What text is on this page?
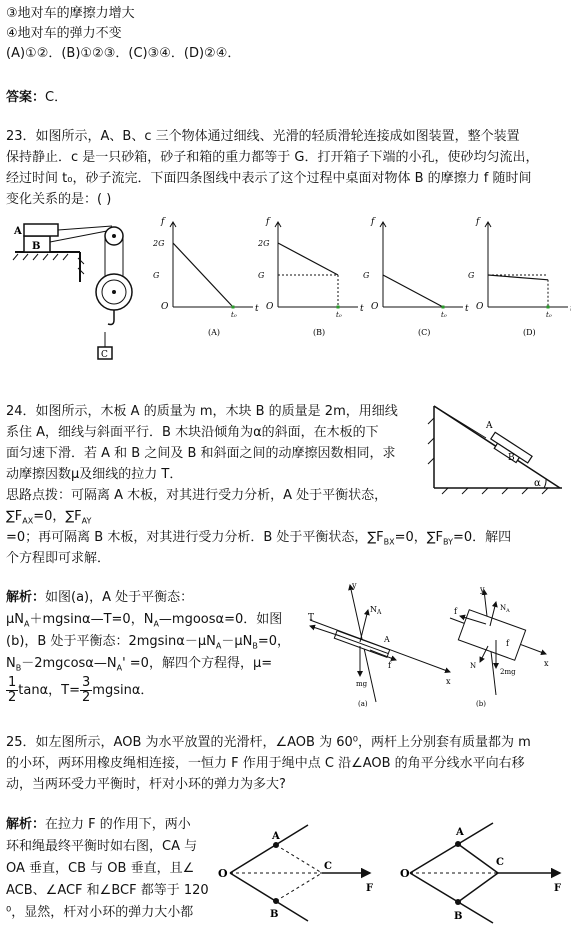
③地对车的摩擦力增大
④地对车的弹力不变
(A)①②．(B)①②③．(C)③④．(D)②④．
答案：C．
23．如图所示，A、B、c 三个物体通过细线、光滑的轻质滑轮连接成如图装置，整个装置
保持静止．c 是一只砂箱，砂子和箱的重力都等于 G．打开箱子下端的小孔，使砂均匀流出，
经过时间 t₀，砂子流完．下面四条图线中表示了这个过程中桌面对物体 B 的摩擦力 f 随时间
变化关系的是：( )
B
A
C
f
t
O
2G
G
t₀
(A)
f
t
O
2G
G
t₀
(B)
f
t
O
G
t₀
(C)
f
O
G
t₀
(D)
24．如图所示，木板 A 的质量为 m，木块 B 的质量是 2m，用细线
系住 A，细线与斜面平行．B 木块沿倾角为α的斜面，在木板的下
面匀速下滑．若 A 和 B 之间及 B 和斜面之间的动摩擦因数相同，求
动摩擦因数μ及细线的拉力 T．
思路点拨：可隔离 A 木板，对其进行受力分析，A 处于平衡状态，
$\sum F_{AX}=0$，$\sum F_{AY}$
=0；再可隔离 B 木板，对其进行受力分析．B 处于平衡状态，$\sum F_{BX}=0$，$\sum F_{BY}=0$．解四
个方程即可求解．
A
B
α
解析：如图(a)，A 处于平衡态：
$\mu N_A+mgsin\alpha—T=0$，$N_A—mgoos\alpha=0$．如图
(b)，B 处于平衡态：$2mgsin\alpha-\mu N_A-\mu N_B=0$，
$N_B-2mgcos\alpha—N_A' =0$，解四个方程得，μ=
$\frac{1}{2}$ tanα，$T= \frac{3}{2}$ mgsinα．
T
$N_A$
A
x
y
f
mg
(a)
y
f	$N_A$
N
f
x
2mg
(b)
25．如左图所示，AOB 为水平放置的光滑杆，∠AOB 为 60⁰，两杆上分别套有质量都为 m
的小环，两环用橡皮绳相连接，一恒力 F 作用于绳中点 C 沿∠AOB 的角平分线水平向右移
动，当两环受力平衡时，杆对小环的弹力为多大?
解析：在拉力 F 的作用下，两小
环和绳最终平衡时如右图，CA 与
OA 垂直，CB 与 OB 垂直，且∠
ACB、∠ACF 和∠BCF 都等于 120
⁰，显然，杆对小环的弹力大小都
O
A
B
C
F
O
A
B
C
F
